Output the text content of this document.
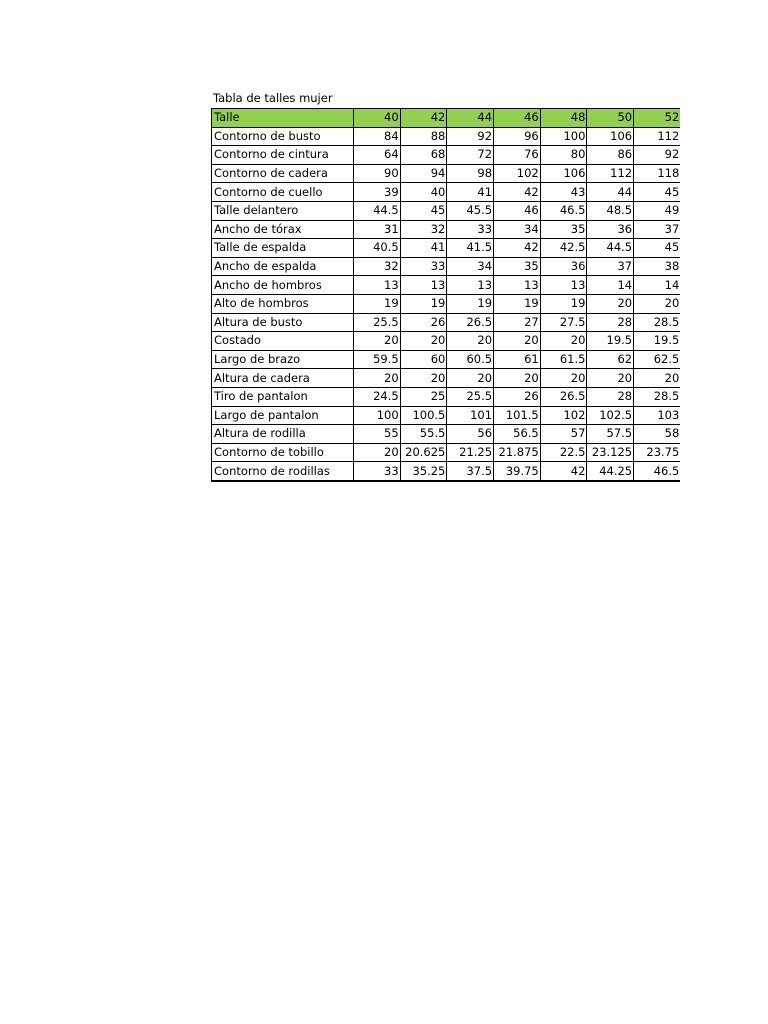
Tabla de talles mujer
Talle	40	42	44	46	48	50	52
Contorno de busto	84	88	92	96	100	106	112
Contorno de cintura	64	68	72	76	80	86	92
Contorno de cadera	90	94	98	102	106	112	118
Contorno de cuello	39	40	41	42	43	44	45
Talle delantero	44.5	45	45.5	46	46.5	48.5	49
Ancho de tórax	31	32	33	34	35	36	37
Talle de espalda	40.5	41	41.5	42	42.5	44.5	45
Ancho de espalda	32	33	34	35	36	37	38
Ancho de hombros	13	13	13	13	13	14	14
Alto de hombros	19	19	19	19	19	20	20
Altura de busto	25.5	26	26.5	27	27.5	28	28.5
Costado	20	20	20	20	20	19.5	19.5
Largo de brazo	59.5	60	60.5	61	61.5	62	62.5
Altura de cadera	20	20	20	20	20	20	20
Tiro de pantalon	24.5	25	25.5	26	26.5	28	28.5
Largo de pantalon	100	100.5	101	101.5	102	102.5	103
Altura de rodilla	55	55.5	56	56.5	57	57.5	58
Contorno de tobillo	20	20.625	21.25	21.875	22.5	23.125	23.75
Contorno de rodillas	33	35.25	37.5	39.75	42	44.25	46.5
